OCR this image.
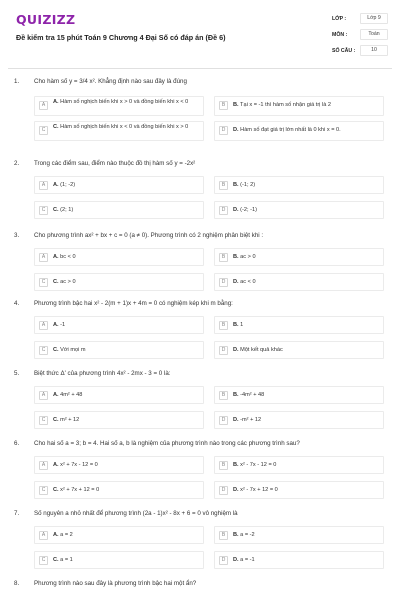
QUIZIZZ
Đề kiểm tra 15 phút Toán 9 Chương 4 Đại Số có đáp án (Đề 6)
LỚP :	Lớp 9
MÔN :	Toán
SỐ CÂU :	10
1. Cho hàm số y = 3/4 x². Khẳng định nào sau đây là đúng
A	A. Hàm số nghịch biến khi x > 0 và đồng biến khi x < 0	B	B. Tại x = -1 thì hàm số nhận giá trị là 2
C	C. Hàm số nghịch biến khi x < 0 và đồng biến khi x > 0	D	D. Hàm số đạt giá trị lớn nhất là 0 khi x = 0.
2. Trong các điểm sau, điểm nào thuộc đồ thị hàm số y = -2x²
A	A. (1; -2)	B	B. (-1; 2)
C	C. (2; 1)	D	D. (-2; -1)
3. Cho phương trình ax² + bx + c = 0 (a ≠ 0). Phương trình có 2 nghiệm phân biệt khi :
A	A. bc < 0	B	B. ac > 0
C	C. ac > 0	D	D. ac < 0
4. Phương trình bậc hai x² - 2(m + 1)x + 4m = 0 có nghiệm kép khi m bằng:
A	A. -1	B	B. 1
C	C. Với mọi m	D	D. Một kết quả khác
5. Biệt thức Δ' của phương trình 4x² - 2mx - 3 = 0 là:
A	A. 4m² + 48	B	B. -4m² + 48
C	C. m² + 12	D	D. -m² + 12
6. Cho hai số a = 3; b = 4. Hai số a, b là nghiệm của phương trình nào trong các phương trình sau?
A	A. x² + 7x - 12 = 0	B	B. x² - 7x - 12 = 0
C	C. x² + 7x + 12 = 0	D	D. x² - 7x + 12 = 0
7. Số nguyên a nhỏ nhất để phương trình (2a - 1)x² - 8x + 6 = 0 vô nghiệm là
A	A. a = 2	B	B. a = -2
C	C. a = 1	D	D. a = -1
8. Phương trình nào sau đây là phương trình bậc hai một ẩn?
